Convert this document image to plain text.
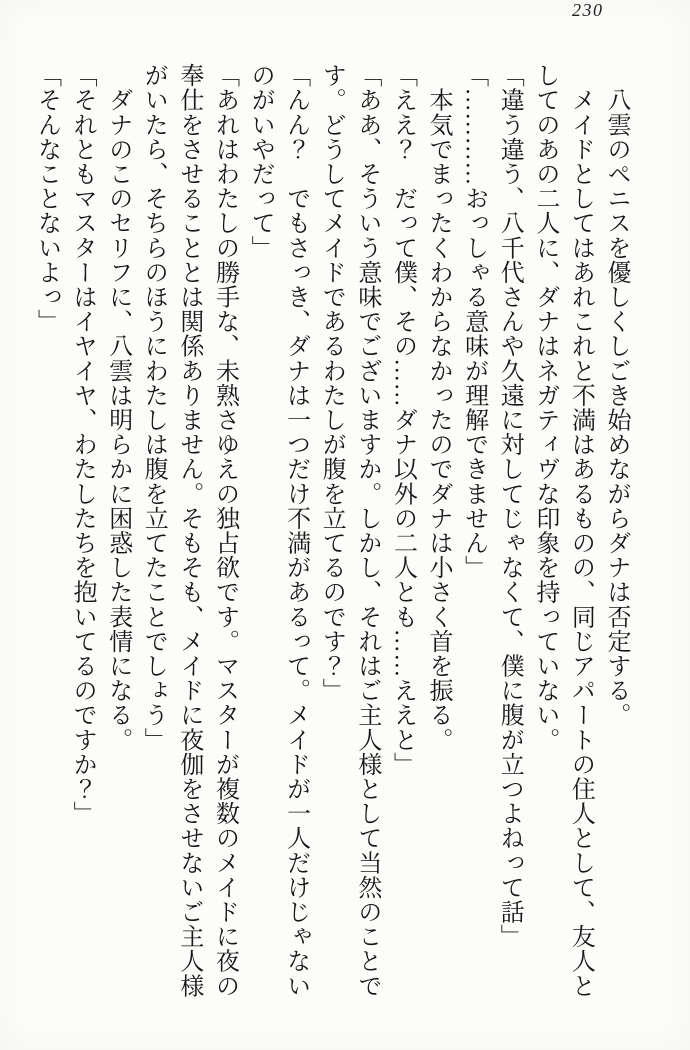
230

　八雲のペニスを優しくしごき始めながらダナは否定する。

　メイドとしてはあれこれと不満はあるものの、同じアパートの住人として、友人と

してのあの二人に、ダナはネガティヴな印象を持っていない。

「違う違う、八千代さんや久遠に対してじゃなくて、僕に腹が立つよねって話」

「…………おっしゃる意味が理解できません」

　本気でまったくわからなかったのでダナは小さく首を振る。

「ええ？　だって僕、その……ダナ以外の二人とも……ええと」

「ああ、そういう意味でございますか。しかし、それはご主人様として当然のことで

す。どうしてメイドであるわたしが腹を立てるのです？」

「んん？　でもさっき、ダナは一つだけ不満があるって。メイドが一人だけじゃない

のがいやだって」

「あれはわたしの勝手な、未熟さゆえの独占欲です。マスターが複数のメイドに夜の

奉仕をさせることとは関係ありません。そもそも、メイドに夜伽をさせないご主人様

がいたら、そちらのほうにわたしは腹を立てたことでしょう」

　ダナのこのセリフに、八雲は明らかに困惑した表情になる。

「それともマスターはイヤイヤ、わたしたちを抱いてるのですか？」

「そんなことないよっ」
